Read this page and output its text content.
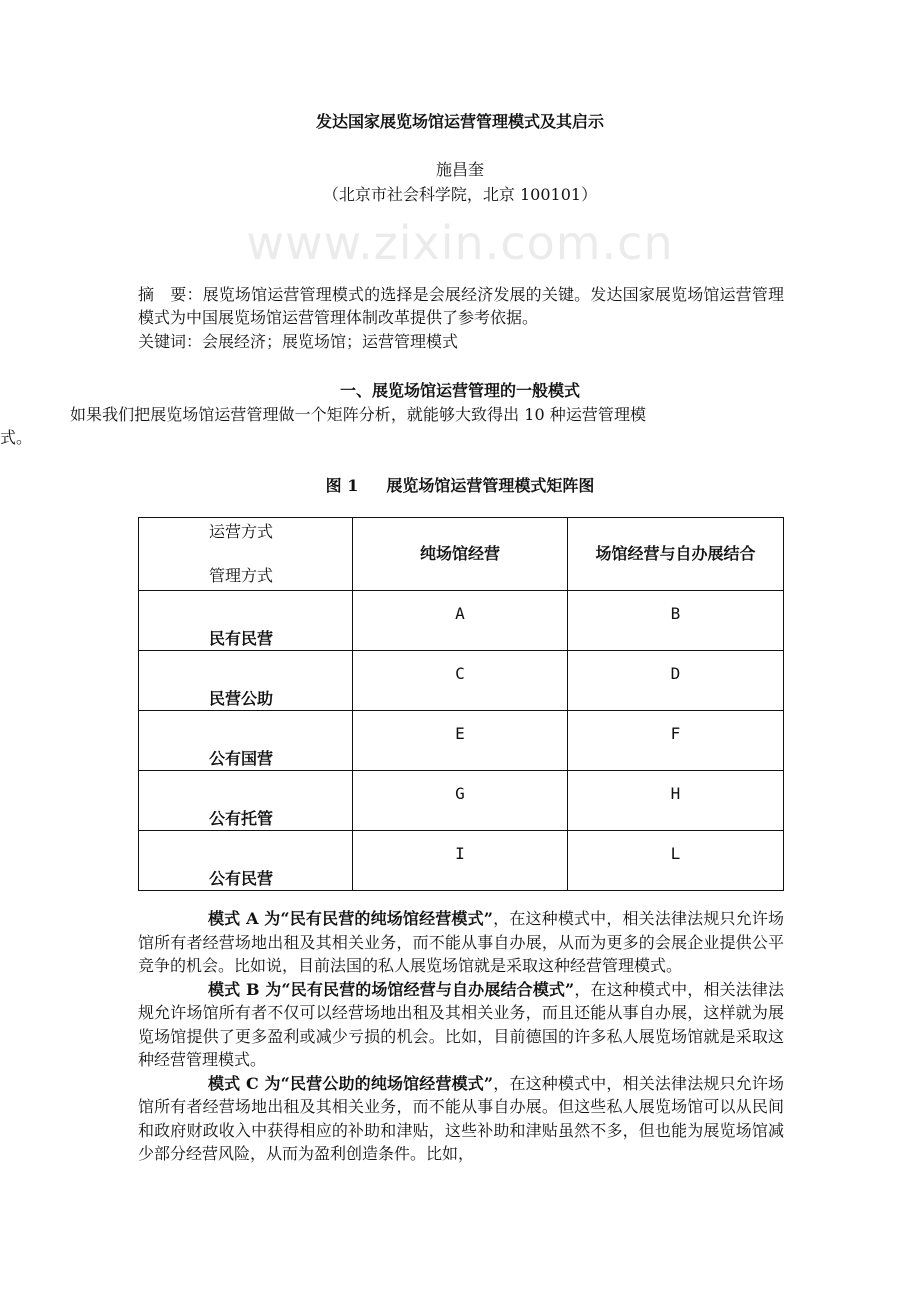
发达国家展览场馆运营管理模式及其启示
施昌奎
（北京市社会科学院，北京 100101）
www.zixin.com.cn
摘　要：展览场馆运营管理模式的选择是会展经济发展的关键。发达国家展览场馆运营管理模式为中国展览场馆运营管理体制改革提供了参考依据。
关键词：会展经济；展览场馆；运营管理模式
一、展览场馆运营管理的一般模式
如果我们把展览场馆运营管理做一个矩阵分析，就能够大致得出 10 种运营管理模式。
图 1 展览场馆运营管理模式矩阵图
运营方式
管理方式	纯场馆经营	场馆经营与自办展结合
民有民营	A	B
民营公助	C	D
公有国营	E	F
公有托管	G	H
公有民营	I	L

模式 A 为“民有民营的纯场馆经营模式”，在这种模式中，相关法律法规只允许场馆所有者经营场地出租及其相关业务，而不能从事自办展，从而为更多的会展企业提供公平竞争的机会。比如说，目前法国的私人展览场馆就是采取这种经营管理模式。

模式 B 为“民有民营的场馆经营与自办展结合模式”，在这种模式中，相关法律法规允许场馆所有者不仅可以经营场地出租及其相关业务，而且还能从事自办展，这样就为展览场馆提供了更多盈利或减少亏损的机会。比如，目前德国的许多私人展览场馆就是采取这种经营管理模式。

模式 C 为“民营公助的纯场馆经营模式”，在这种模式中，相关法律法规只允许场馆所有者经营场地出租及其相关业务，而不能从事自办展。但这些私人展览场馆可以从民间和政府财政收入中获得相应的补助和津贴，这些补助和津贴虽然不多，但也能为展览场馆减少部分经营风险，从而为盈利创造条件。比如，
